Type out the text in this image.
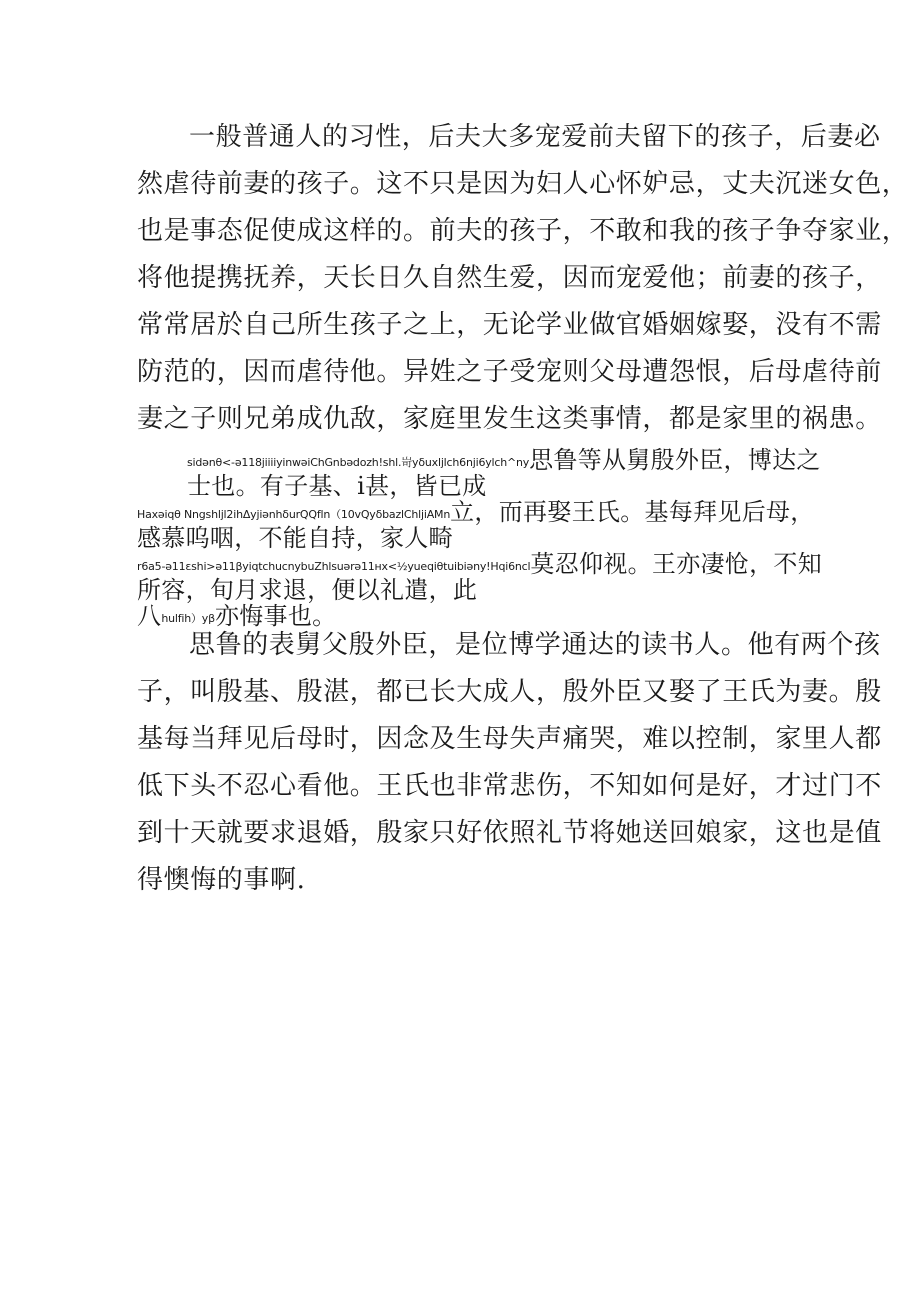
一般普通人的习性，后夫大多宠爱前夫留下的孩子，后妻必
然虐待前妻的孩子。这不只是因为妇人心怀妒忌，丈夫沉迷女色，
也是事态促使成这样的。前夫的孩子，不敢和我的孩子争夺家业，
将他提携抚养，天长日久自然生爱，因而宠爱他；前妻的孩子，
常常居於自己所生孩子之上，无论学业做官婚姻嫁娶，没有不需
防范的，因而虐待他。异姓之子受宠则父母遭怨恨，后母虐待前
妻之子则兄弟成仇敌，家庭里发生这类事情，都是家里的祸患。
sidǝnθ<-ǝ118jiiiiyinwǝiChGnbǝdozh!shl.岢yδuxljlch6nji6ylch^ny思鲁等从舅殷外臣，博达之
士也。有子基、i甚，皆已成
Haxǝiqθ Nngshljl2ihΔyjiǝnhδurQQfln（10vQyδbazlChljiAMn立，而再娶王氏。基每拜见后母，
感慕呜咽，不能自持，家人畸
r6a5-ǝ11εshi>ǝ11βyiqtchucnybuZhlsuǝrǝ11нх<½yueqiθtuibiǝny!Hqi6ncl莫忍仰视。王亦凄怆，不知
所容，旬月求退，便以礼遣，此
八hulfih）yβ亦悔事也。
思鲁的表舅父殷外臣，是位博学通达的读书人。他有两个孩
子，叫殷基、殷湛，都已长大成人，殷外臣又娶了王氏为妻。殷
基每当拜见后母时，因念及生母失声痛哭，难以控制，家里人都
低下头不忍心看他。王氏也非常悲伤，不知如何是好，才过门不
到十天就要求退婚，殷家只好依照礼节将她送回娘家，这也是值
得懊悔的事啊.
